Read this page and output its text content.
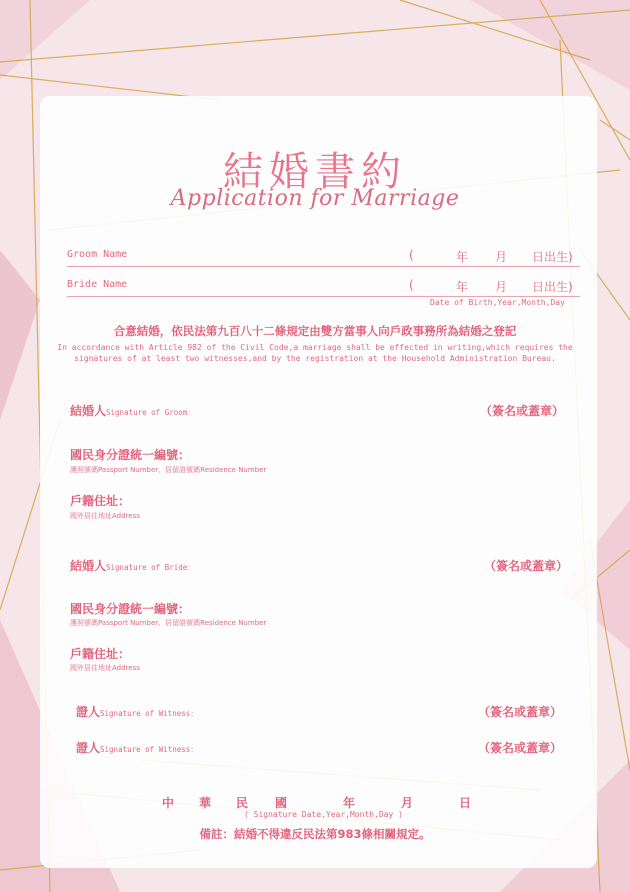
結婚書約
Application for Marriage
Groom Name	(	年 月 日出生)
Bride Name	(	年 月 日出生)
Date of Birth,Year,Month,Day
合意結婚，依民法第九百八十二條規定由雙方當事人向戶政事務所為結婚之登記
In accordance with Article 982 of the Civil Code,a marriage shall be effected in writing,which requires the
signatures of at least two witnesses,and by the registration at the Household Administration Bureau.
結婚人Signature of Groom：	（簽名或蓋章）
國民身分證統一編號：
護照號碼Passport Number、居留證號碼Residence Number
戶籍住址：
國外居住地址Address
結婚人Signature of Bride：	（簽名或蓋章）
國民身分證統一編號：
護照號碼Passport Number、居留證號碼Residence Number
戶籍住址：
國外居住地址Address
證人Signature of Witness：	（簽名或蓋章）
證人Signature of Witness：	（簽名或蓋章）
中 華 民 國	年	月	日
( Signature Date,Year,Month,Day )
備註：結婚不得違反民法第983條相關規定。
